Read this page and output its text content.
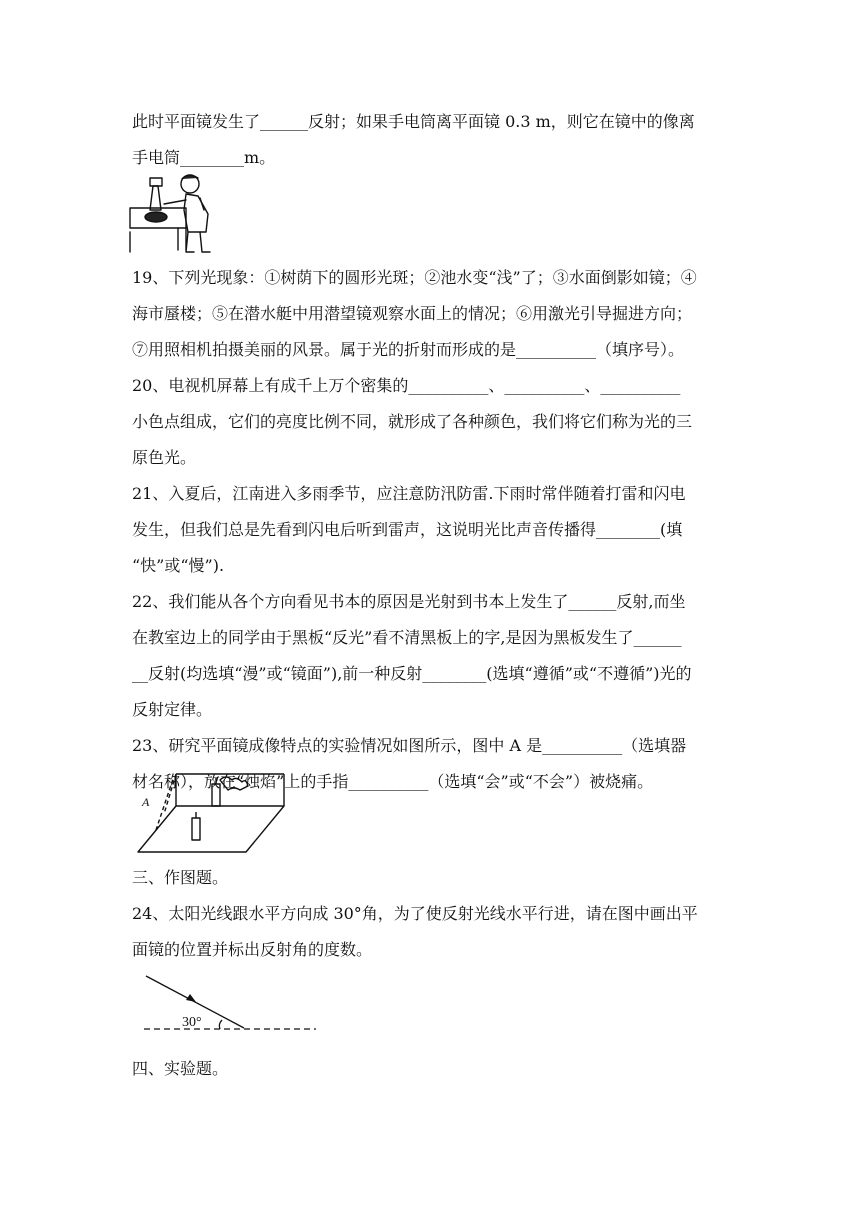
此时平面镜发生了______反射；如果手电筒离平面镜 0.3 m，则它在镜中的像离
手电筒________m。
19、下列光现象：①树荫下的圆形光斑；②池水变“浅”了；③水面倒影如镜；④
海市蜃楼；⑤在潜水艇中用潜望镜观察水面上的情况；⑥用激光引导掘进方向；
⑦用照相机拍摄美丽的风景。属于光的折射而形成的是__________（填序号）。
20、电视机屏幕上有成千上万个密集的__________、__________、__________
小色点组成，它们的亮度比例不同，就形成了各种颜色，我们将它们称为光的三
原色光。
21、入夏后，江南进入多雨季节，应注意防汛防雷.下雨时常伴随着打雷和闪电
发生，但我们总是先看到闪电后听到雷声，这说明光比声音传播得________(填
“快”或“慢”).
22、我们能从各个方向看见书本的原因是光射到书本上发生了______反射,而坐
在教室边上的同学由于黑板“反光”看不清黑板上的字,是因为黑板发生了______
__反射(均选填“漫”或“镜面”),前一种反射________(选填“遵循”或“不遵循”)光的
反射定律。
23、研究平面镜成像特点的实验情况如图所示，图中 A 是__________（选填器
材名称），放在“烛焰”上的手指__________（选填“会”或“不会”）被烧痛。
A
三、作图题。
24、太阳光线跟水平方向成 30°角，为了使反射光线水平行进，请在图中画出平
面镜的位置并标出反射角的度数。
30°
四、实验题。
